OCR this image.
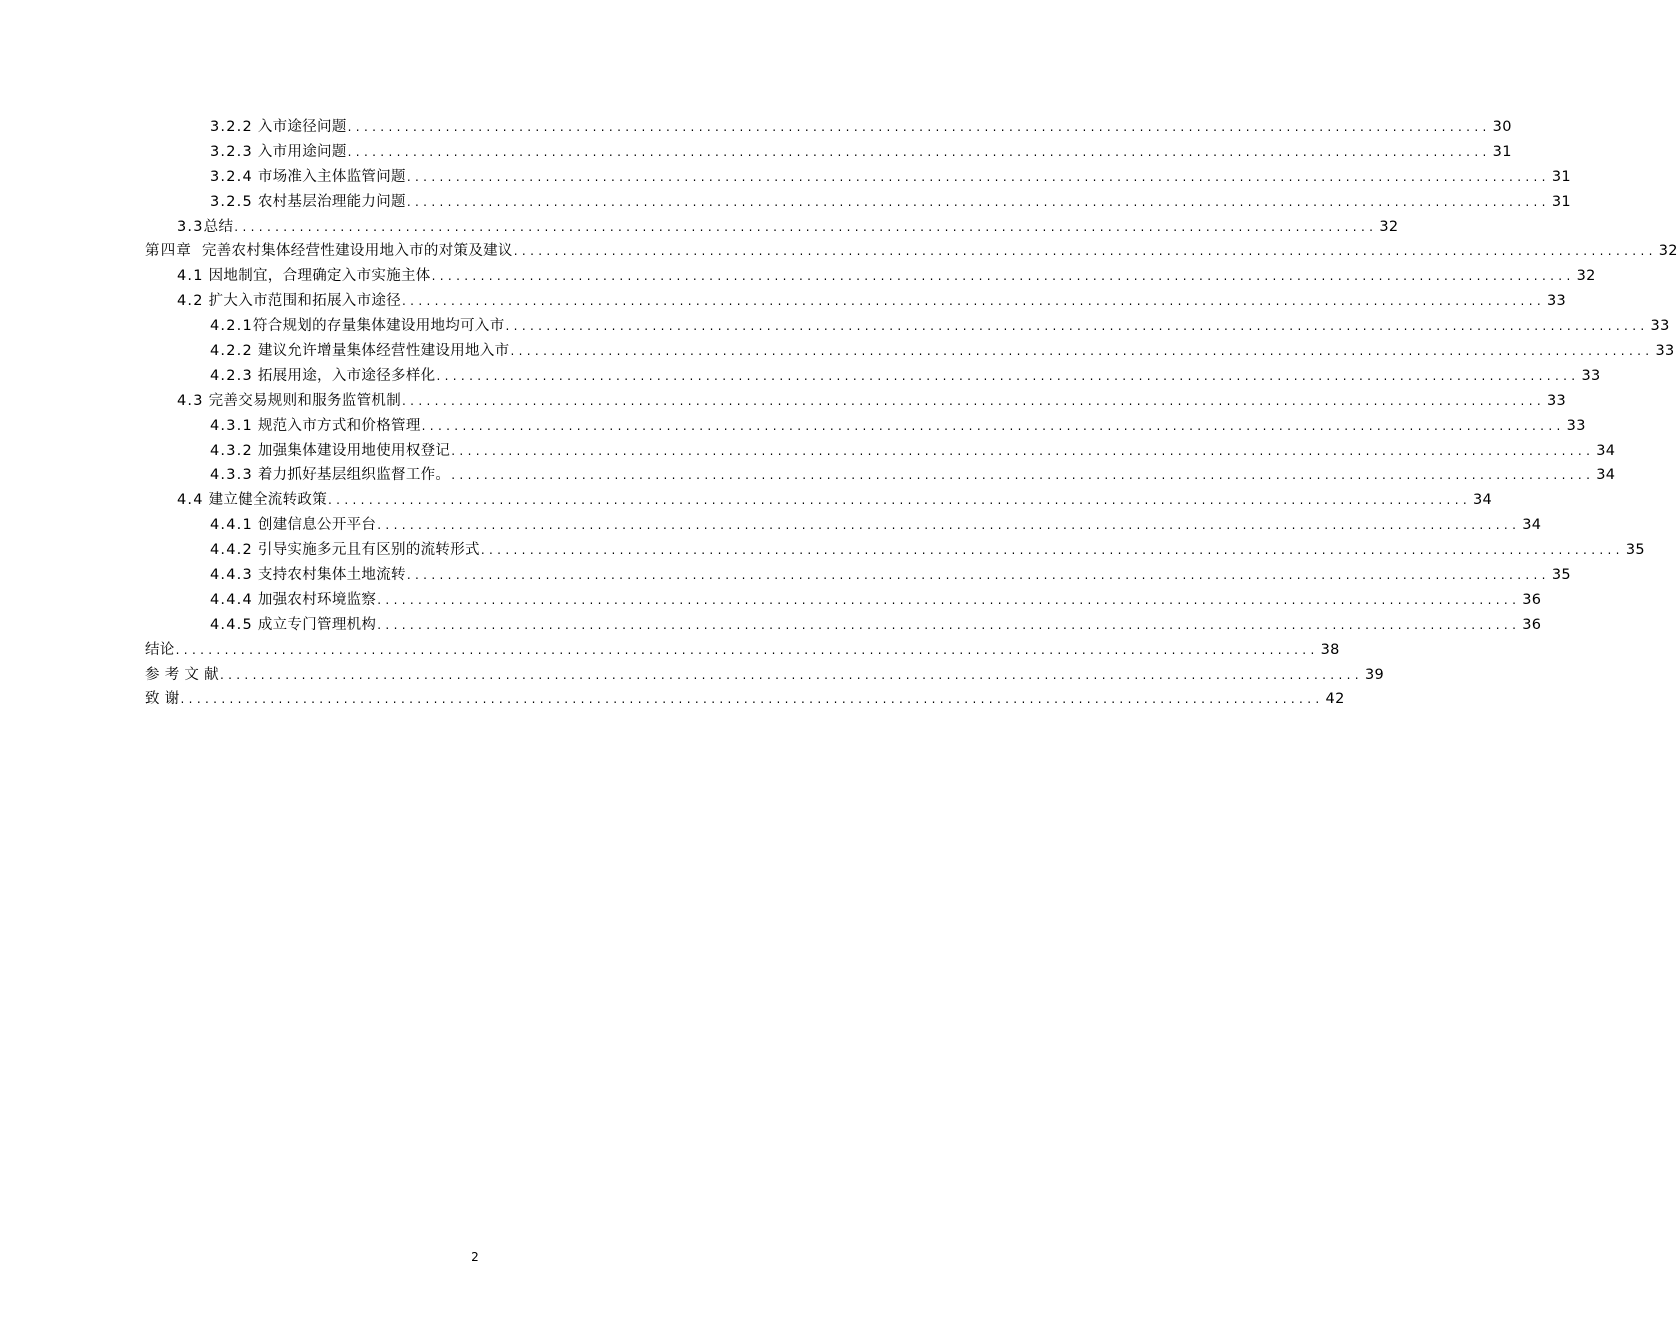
3.2.2 入市途径问题 ............................................................................................................................................ 30
3.2.3 入市用途问题 ............................................................................................................................................ 31
3.2.4 市场准入主体监管问题 ............................................................................................................................................ 31
3.2.5 农村基层治理能力问题 ............................................................................................................................................ 31
3.3总结 ............................................................................................................................................ 32
第四章 完善农村集体经营性建设用地入市的对策及建议 ............................................................................................................................................ 32
4.1 因地制宜，合理确定入市实施主体 ............................................................................................................................................ 32
4.2 扩大入市范围和拓展入市途径 ............................................................................................................................................ 33
4.2.1符合规划的存量集体建设用地均可入市 ............................................................................................................................................ 33
4.2.2 建议允许增量集体经营性建设用地入市 ............................................................................................................................................ 33
4.2.3 拓展用途，入市途径多样化 ............................................................................................................................................ 33
4.3 完善交易规则和服务监管机制 ............................................................................................................................................ 33
4.3.1 规范入市方式和价格管理 ............................................................................................................................................ 33
4.3.2 加强集体建设用地使用权登记 ............................................................................................................................................ 34
4.3.3 着力抓好基层组织监督工作。 ............................................................................................................................................ 34
4.4 建立健全流转政策 ............................................................................................................................................ 34
4.4.1 创建信息公开平台 ............................................................................................................................................ 34
4.4.2 引导实施多元且有区别的流转形式 ............................................................................................................................................ 35
4.4.3 支持农村集体土地流转 ............................................................................................................................................ 35
4.4.4 加强农村环境监察 ............................................................................................................................................ 36
4.4.5 成立专门管理机构 ............................................................................................................................................ 36
结论 ............................................................................................................................................ 38
参 考 文 献 ............................................................................................................................................ 39
致 谢 ............................................................................................................................................ 42
2
